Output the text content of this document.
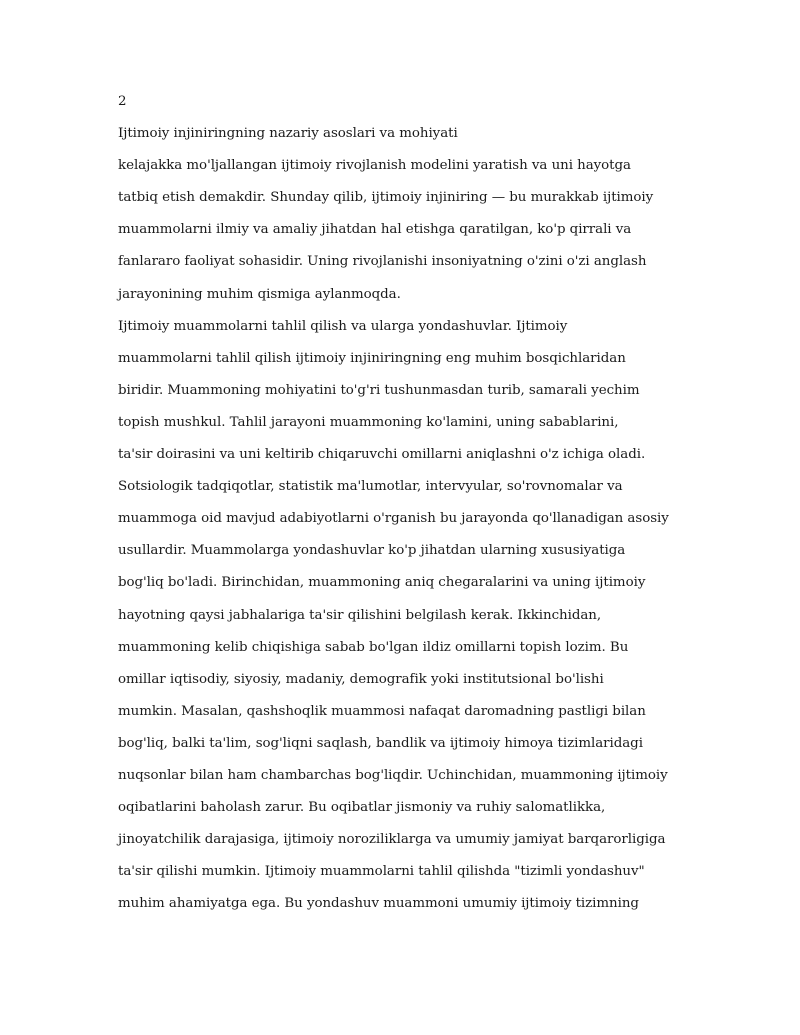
2
Ijtimoiy injiniringning nazariy asoslari va mohiyati
kelajakka mo'ljallangan ijtimoiy rivojlanish modelini yaratish va uni hayotga
tatbiq etish demakdir. Shunday qilib, ijtimoiy injiniring — bu murakkab ijtimoiy
muammolarni ilmiy va amaliy jihatdan hal etishga qaratilgan, ko'p qirrali va
fanlararo faoliyat sohasidir. Uning rivojlanishi insoniyatning o'zini o'zi anglash
jarayonining muhim qismiga aylanmoqda.
Ijtimoiy muammolarni tahlil qilish va ularga yondashuvlar. Ijtimoiy
muammolarni tahlil qilish ijtimoiy injiniringning eng muhim bosqichlaridan
biridir. Muammoning mohiyatini to'g'ri tushunmasdan turib, samarali yechim
topish mushkul. Tahlil jarayoni muammoning ko'lamini, uning sabablarini,
ta'sir doirasini va uni keltirib chiqaruvchi omillarni aniqlashni o'z ichiga oladi.
Sotsiologik tadqiqotlar, statistik ma'lumotlar, intervyular, so'rovnomalar va
muammoga oid mavjud adabiyotlarni o'rganish bu jarayonda qo'llanadigan asosiy
usullardir. Muammolarga yondashuvlar ko'p jihatdan ularning xususiyatiga
bog'liq bo'ladi. Birinchidan, muammoning aniq chegaralarini va uning ijtimoiy
hayotning qaysi jabhalariga ta'sir qilishini belgilash kerak. Ikkinchidan,
muammoning kelib chiqishiga sabab bo'lgan ildiz omillarni topish lozim. Bu
omillar iqtisodiy, siyosiy, madaniy, demografik yoki institutsional bo'lishi
mumkin. Masalan, qashshoqlik muammosi nafaqat daromadning pastligi bilan
bog'liq, balki ta'lim, sog'liqni saqlash, bandlik va ijtimoiy himoya tizimlaridagi
nuqsonlar bilan ham chambarchas bog'liqdir. Uchinchidan, muammoning ijtimoiy
oqibatlarini baholash zarur. Bu oqibatlar jismoniy va ruhiy salomatlikka,
jinoyatchilik darajasiga, ijtimoiy noroziliklarga va umumiy jamiyat barqarorligiga
ta'sir qilishi mumkin. Ijtimoiy muammolarni tahlil qilishda "tizimli yondashuv"
muhim ahamiyatga ega. Bu yondashuv muammoni umumiy ijtimoiy tizimning
